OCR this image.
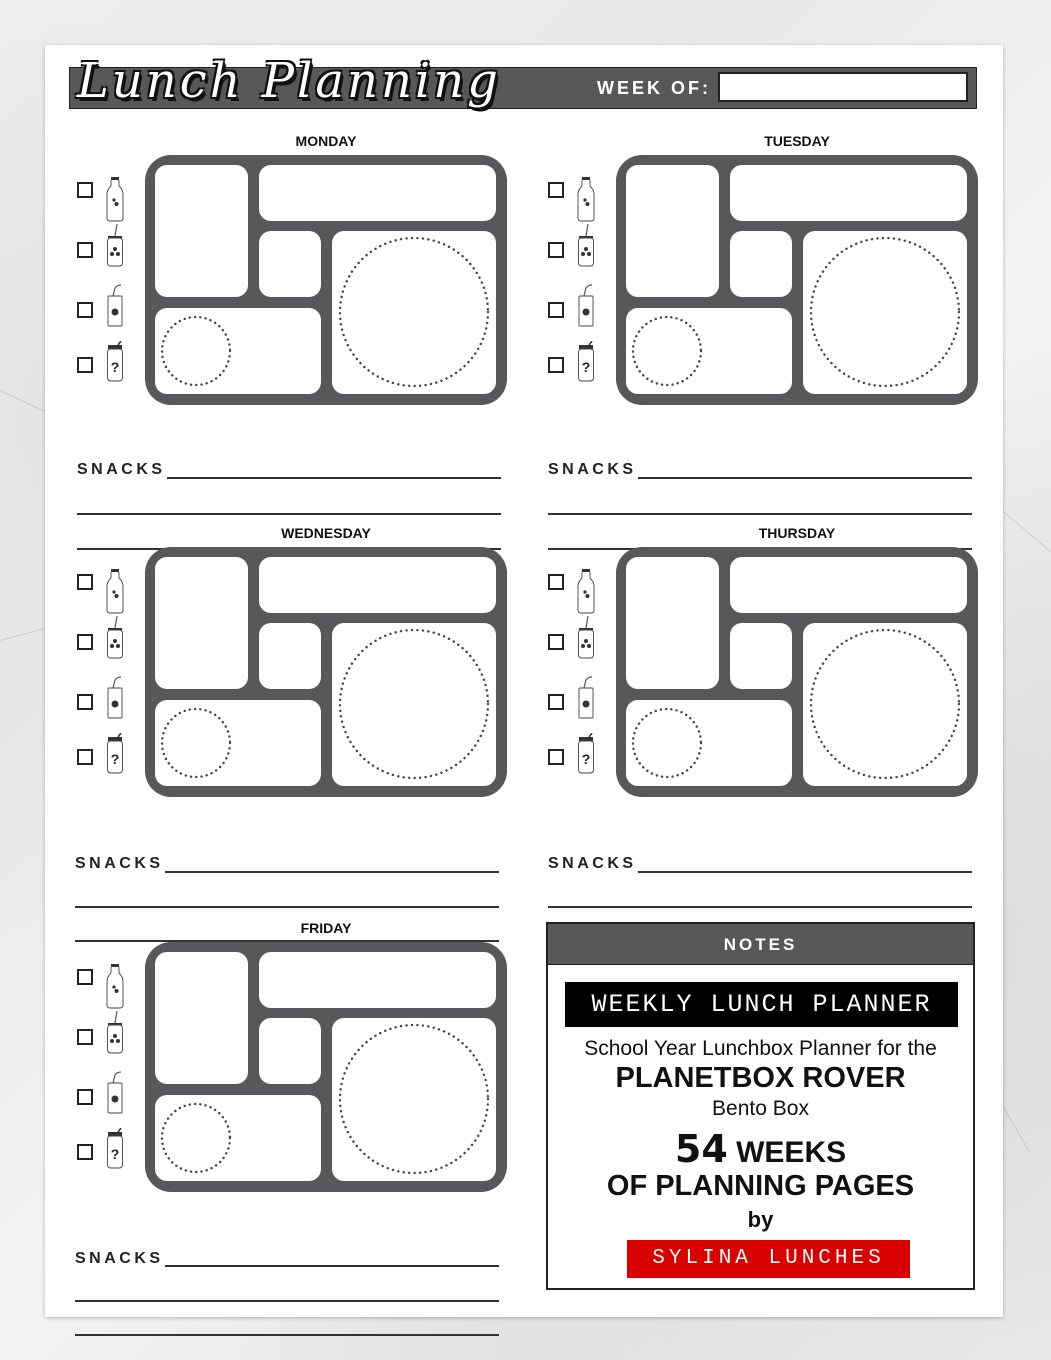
Lunch Planning	WEEK OF:
MONDAY
?
SNACKS
TUESDAY
?
SNACKS
WEDNESDAY
?
SNACKS
THURSDAY
?
SNACKS
FRIDAY
?
SNACKS
NOTES
WEEKLY LUNCH PLANNER
School Year Lunchbox Planner for the
PLANETBOX ROVER
Bento Box
54 WEEKS
OF PLANNING PAGES
by
SYLINA LUNCHES
